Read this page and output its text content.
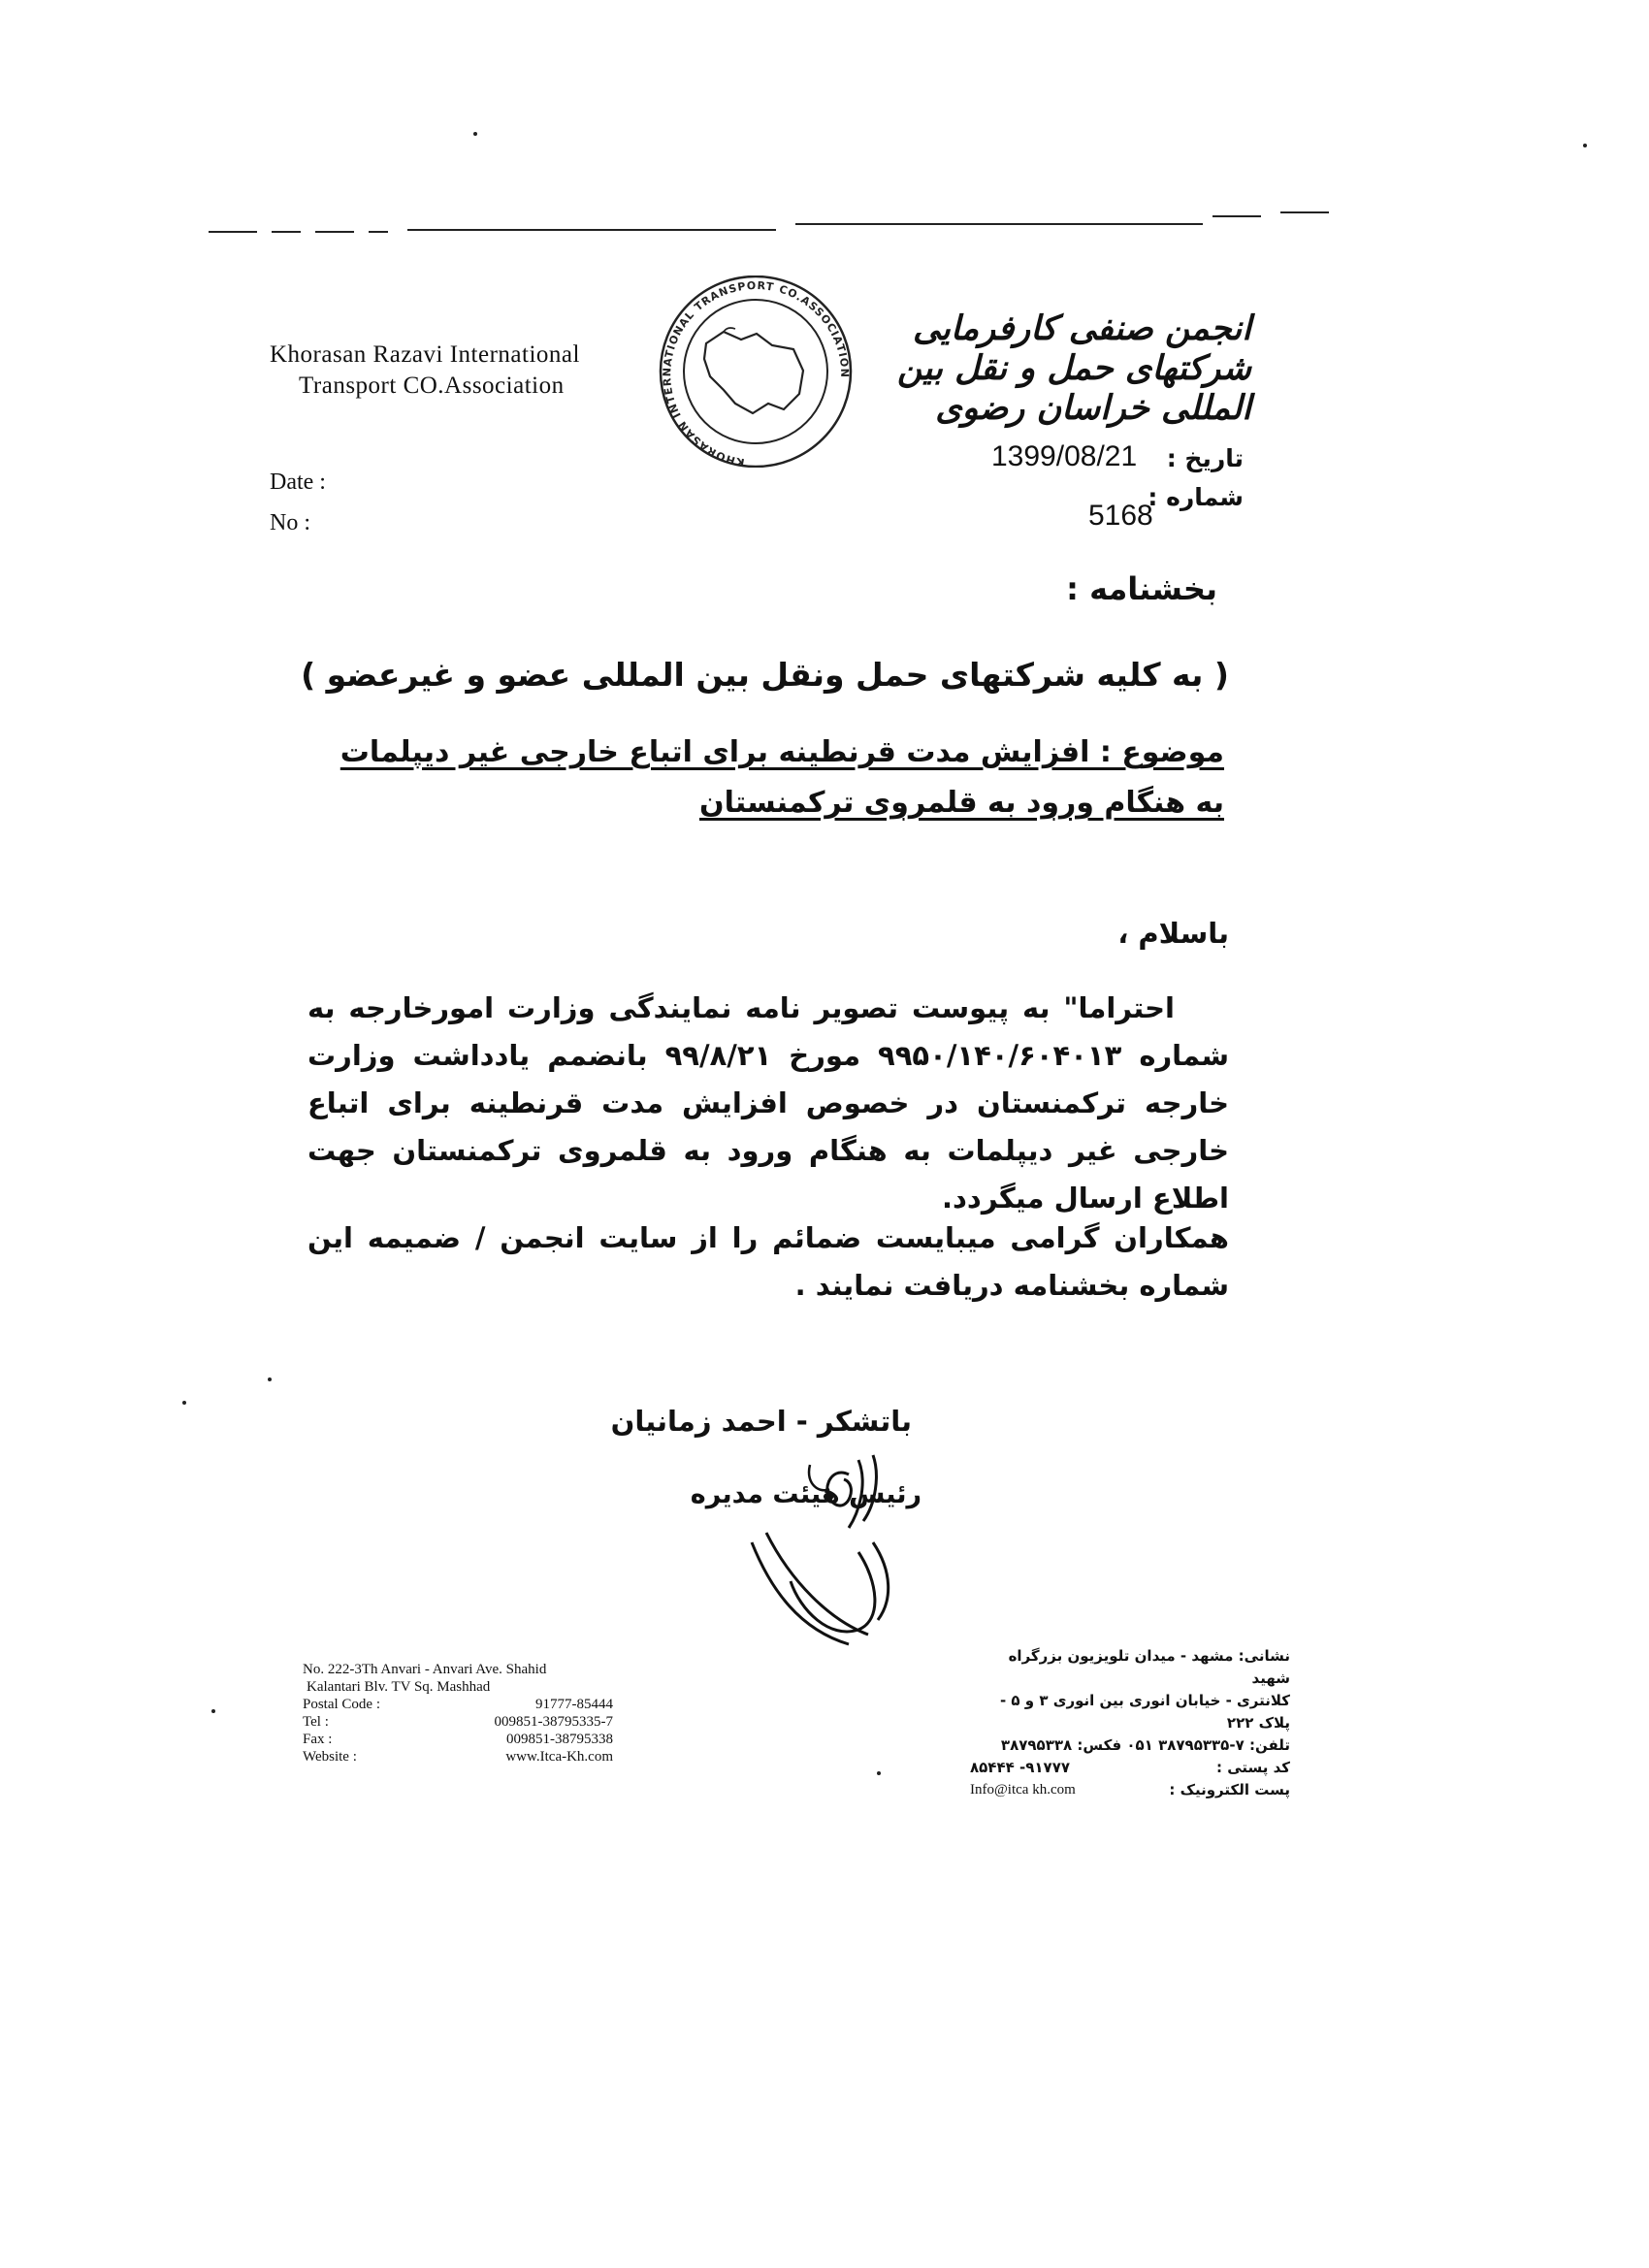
Khorasan Razavi International
Transport CO.Association
KHORASAN INTERNATIONAL TRANSPORT CO.ASSOCIATION
انجمن صنفی کارفرمایی شرکتهای حمل و نقل بین المللی خراسان رضوی
Date :
No :
تاریخ :
1399/08/21
شماره :
5168
بخشنامه :
( به کلیه شرکتهای حمل ونقل بین المللی عضو و غیرعضو )
موضوع : افزایش مدت قرنطینه برای اتباع خارجی غیر دیپلمات به هنگام ورود به قلمروی ترکمنستان
باسلام ،
احتراما" به پیوست تصویر نامه نمایندگی وزارت امورخارجه به شماره ۹۹۵۰/۱۴۰/۶۰۴۰۱۳ مورخ ۹۹/۸/۲۱ بانضمم یادداشت وزارت خارجه ترکمنستان در خصوص افزایش مدت قرنطینه برای اتباع خارجی غیر دیپلمات به هنگام ورود به قلمروی ترکمنستان جهت اطلاع ارسال میگردد.
همکاران گرامی میبایست ضمائم را از سایت انجمن / ضمیمه این شماره بخشنامه دریافت نمایند .
باتشکر - احمد زمانیان
رئیس هیئت مدیره
No. 222-3Th Anvari - Anvari Ave. Shahid
Kalantari Blv. TV Sq. Mashhad
Postal Code :	91777-85444
Tel :	009851-38795335-7
Fax :	009851-38795338
Website :	www.Itca-Kh.com
نشانی: مشهد - میدان تلویزیون بزرگراه شهید
کلانتری - خیابان انوری بین انوری ۳ و ۵ - پلاک ۲۲۲
تلفن: ۷-۳۸۷۹۵۳۳۵ ۰۵۱ فکس: ۳۸۷۹۵۳۳۸
کد پستی :
۹۱۷۷۷- ۸۵۴۴۴
پست الکترونیک :
Info@itca kh.com
